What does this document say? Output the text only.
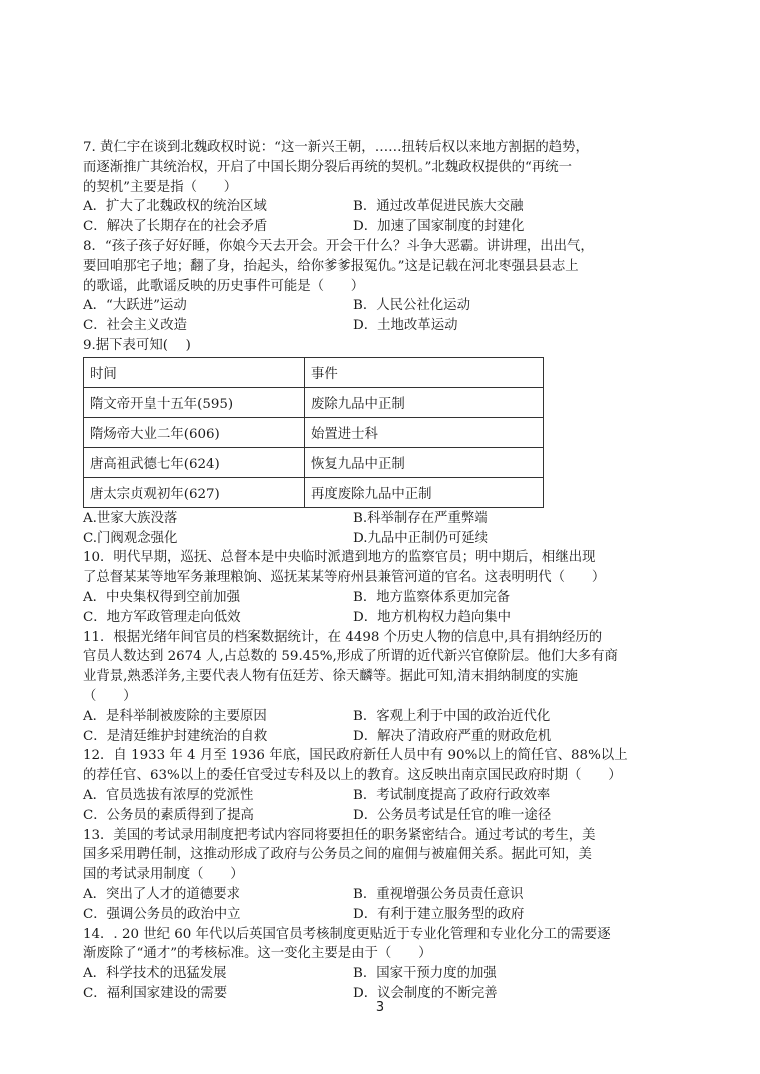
7. 黄仁宇在谈到北魏政权时说：“这一新兴王朝，……扭转后权以来地方割据的趋势，
而逐渐推广其统治权，开启了中国长期分裂后再统的契机。”北魏政权提供的“再统一
的契机”主要是指（　　）
A．扩大了北魏政权的统治区域	B．通过改革促进民族大交融
C．解决了长期存在的社会矛盾	D．加速了国家制度的封建化
8．“孩子孩子好好睡，你娘今天去开会。开会干什么？斗争大恶霸。讲讲理，出出气，
要回咱那宅子地；翻了身，抬起头，给你爹爹报冤仇。”这是记载在河北枣强县县志上
的歌谣，此歌谣反映的历史事件可能是（　　）
A．“大跃进”运动	B．人民公社化运动
C．社会主义改造	D．土地改革运动
9.据下表可知(　 )
时间	事件
隋文帝开皇十五年(595)	废除九品中正制
隋炀帝大业二年(606)	始置进士科
唐高祖武德七年(624)	恢复九品中正制
唐太宗贞观初年(627)	再度废除九品中正制
A.世家大族没落	B.科举制存在严重弊端
C.门阀观念强化	D.九品中正制仍可延续
10．明代早期，巡抚、总督本是中央临时派遣到地方的监察官员；明中期后，相继出现
了总督某某等地军务兼理粮饷、巡抚某某等府州县兼管河道的官名。这表明明代（　　）
A．中央集权得到空前加强	B．地方监察体系更加完备
C．地方军政管理走向低效	D．地方机构权力趋向集中
11．根据光绪年间官员的档案数据统计，在 4498 个历史人物的信息中,具有捐纳经历的
官员人数达到 2674 人,占总数的 59.45%,形成了所谓的近代新兴官僚阶层。他们大多有商
业背景,熟悉洋务,主要代表人物有伍廷芳、徐天麟等。据此可知,清末捐纳制度的实施
（　　）
A．是科举制被废除的主要原因	B．客观上利于中国的政治近代化
C．是清廷维护封建统治的自救	D．解决了清政府严重的财政危机
12．自 1933 年 4 月至 1936 年底，国民政府新任人员中有 90%以上的简任官、88%以上
的荐任官、63%以上的委任官受过专科及以上的教育。这反映出南京国民政府时期（　　）
A．官员选拔有浓厚的党派性	B．考试制度提高了政府行政效率
C．公务员的素质得到了提高	D．公务员考试是任官的唯一途径
13．美国的考试录用制度把考试内容同将要担任的职务紧密结合。通过考试的考生，美
国多采用聘任制，这推动形成了政府与公务员之间的雇佣与被雇佣关系。据此可知，美
国的考试录用制度（　　）
A．突出了人才的道德要求	B．重视增强公务员责任意识
C．强调公务员的政治中立	D．有利于建立服务型的政府
14．. 20 世纪 60 年代以后英国官员考核制度更贴近于专业化管理和专业化分工的需要逐
渐废除了“通才”的考核标准。这一变化主要是由于（　　）
A．科学技术的迅猛发展	B．国家干预力度的加强
C．福利国家建设的需要	D．议会制度的不断完善
3
